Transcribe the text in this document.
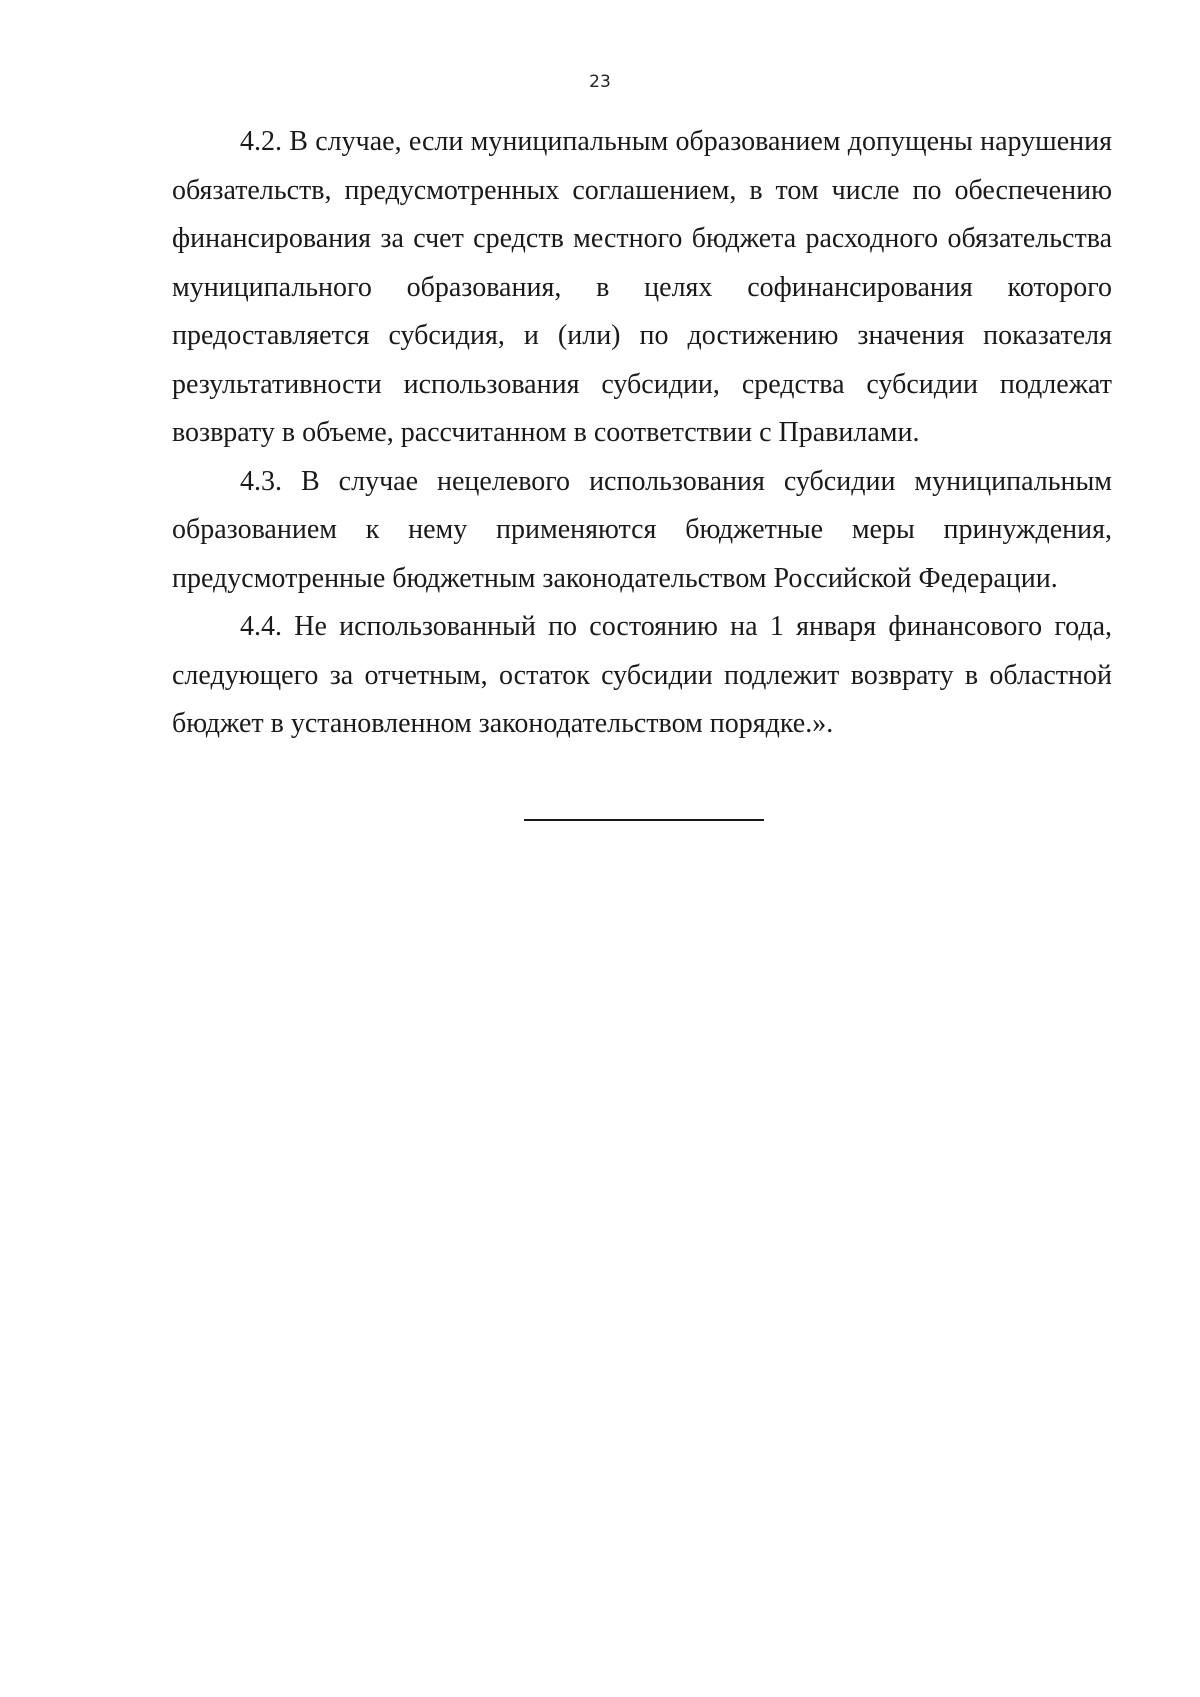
23

4.2. В случае, если муниципальным образованием допущены нарушения обязательств, предусмотренных соглашением, в том числе по обеспечению финансирования за счет средств местного бюджета расходного обязательства муниципального образования, в целях софинансирования которого предоставляется субсидия, и (или) по достижению значения показателя результативности использования субсидии, средства субсидии подлежат возврату в объеме, рассчитанном в соответствии с Правилами.

4.3. В случае нецелевого использования субсидии муниципальным образованием к нему применяются бюджетные меры принуждения, предусмотренные бюджетным законодательством Российской Федерации.

4.4. Не использованный по состоянию на 1 января финансового года, следующего за отчетным, остаток субсидии подлежит возврату в областной бюджет в установленном законодательством порядке.».
